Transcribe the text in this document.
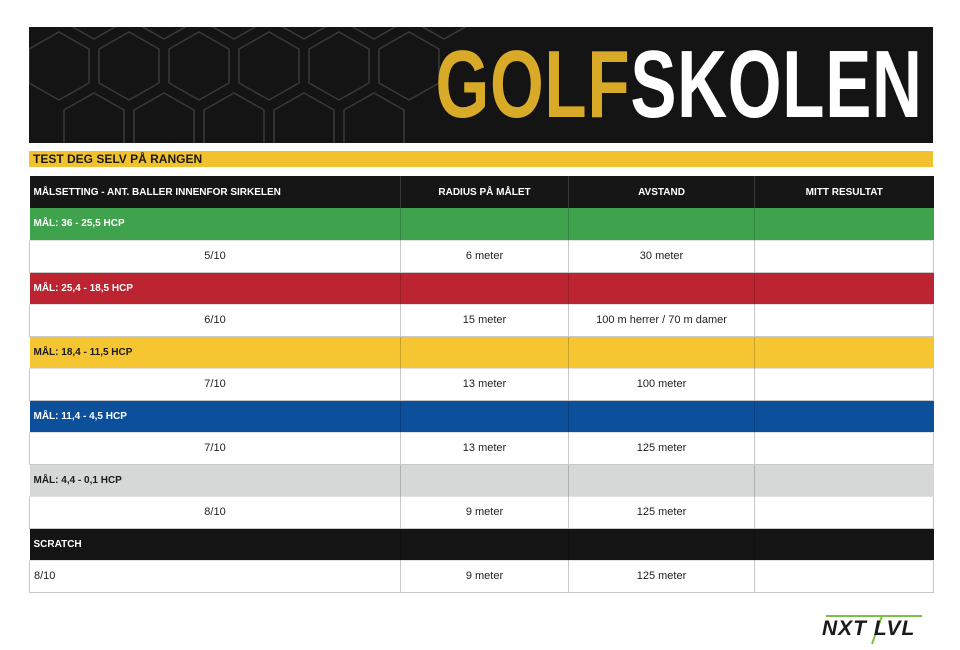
GOLF SKOLEN
TEST DEG SELV PÅ RANGEN
MÅLSETTING - ANT. BALLER INNENFOR SIRKELEN	RADIUS PÅ MÅLET	AVSTAND	MITT RESULTAT
MÅL: 36 - 25,5 HCP			
5/10	6 meter	30 meter	
MÅL: 25,4 - 18,5 HCP			
6/10	15 meter	100 m herrer / 70 m damer	
MÅL: 18,4 - 11,5 HCP			
7/10	13 meter	100 meter	
MÅL: 11,4 - 4,5 HCP			
7/10	13 meter	125 meter	
MÅL: 4,4 - 0,1 HCP			
8/10	9 meter	125 meter	
SCRATCH			
8/10	9 meter	125 meter	
NXT LVL
